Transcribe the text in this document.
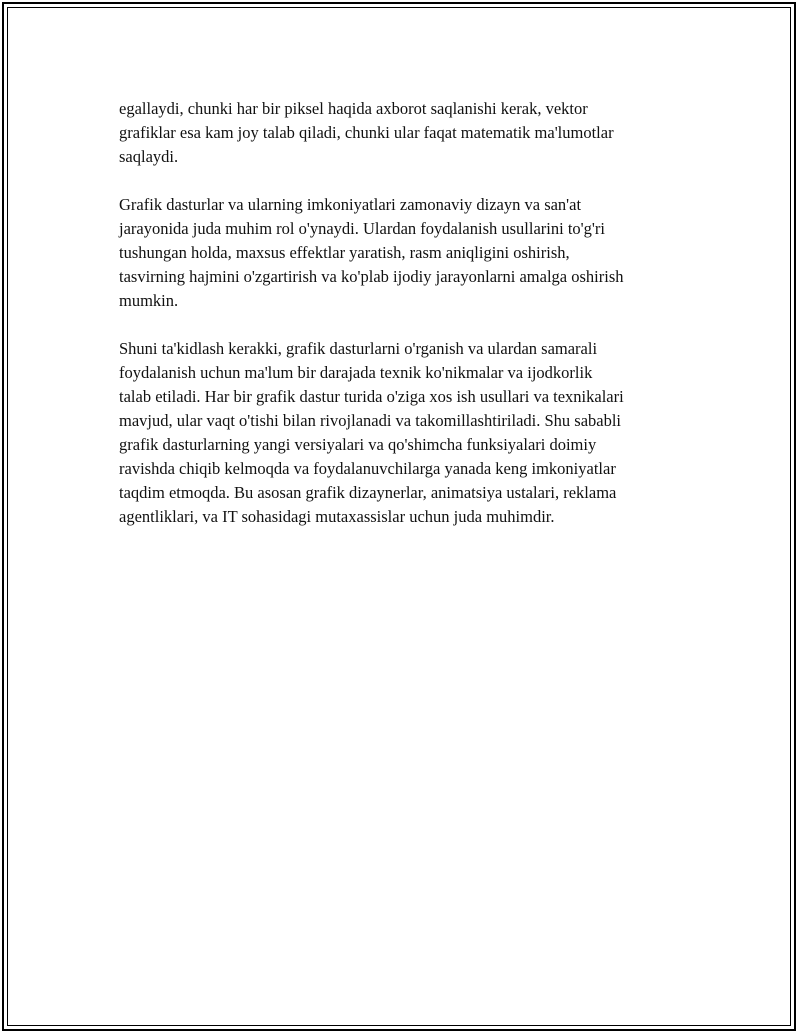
egallaydi, chunki har bir piksel haqida axborot saqlanishi kerak, vektor
grafiklar esa kam joy talab qiladi, chunki ular faqat matematik ma'lumotlar
saqlaydi.

Grafik dasturlar va ularning imkoniyatlari zamonaviy dizayn va san'at
jarayonida juda muhim rol o'ynaydi. Ulardan foydalanish usullarini to'g'ri
tushungan holda, maxsus effektlar yaratish, rasm aniqligini oshirish,
tasvirning hajmini o'zgartirish va ko'plab ijodiy jarayonlarni amalga oshirish
mumkin.

Shuni ta'kidlash kerakki, grafik dasturlarni o'rganish va ulardan samarali
foydalanish uchun ma'lum bir darajada texnik ko'nikmalar va ijodkorlik
talab etiladi. Har bir grafik dastur turida o'ziga xos ish usullari va texnikalari
mavjud, ular vaqt o'tishi bilan rivojlanadi va takomillashtiriladi. Shu sababli
grafik dasturlarning yangi versiyalari va qo'shimcha funksiyalari doimiy
ravishda chiqib kelmoqda va foydalanuvchilarga yanada keng imkoniyatlar
taqdim etmoqda. Bu asosan grafik dizaynerlar, animatsiya ustalari, reklama
agentliklari, va IT sohasidagi mutaxassislar uchun juda muhimdir.
